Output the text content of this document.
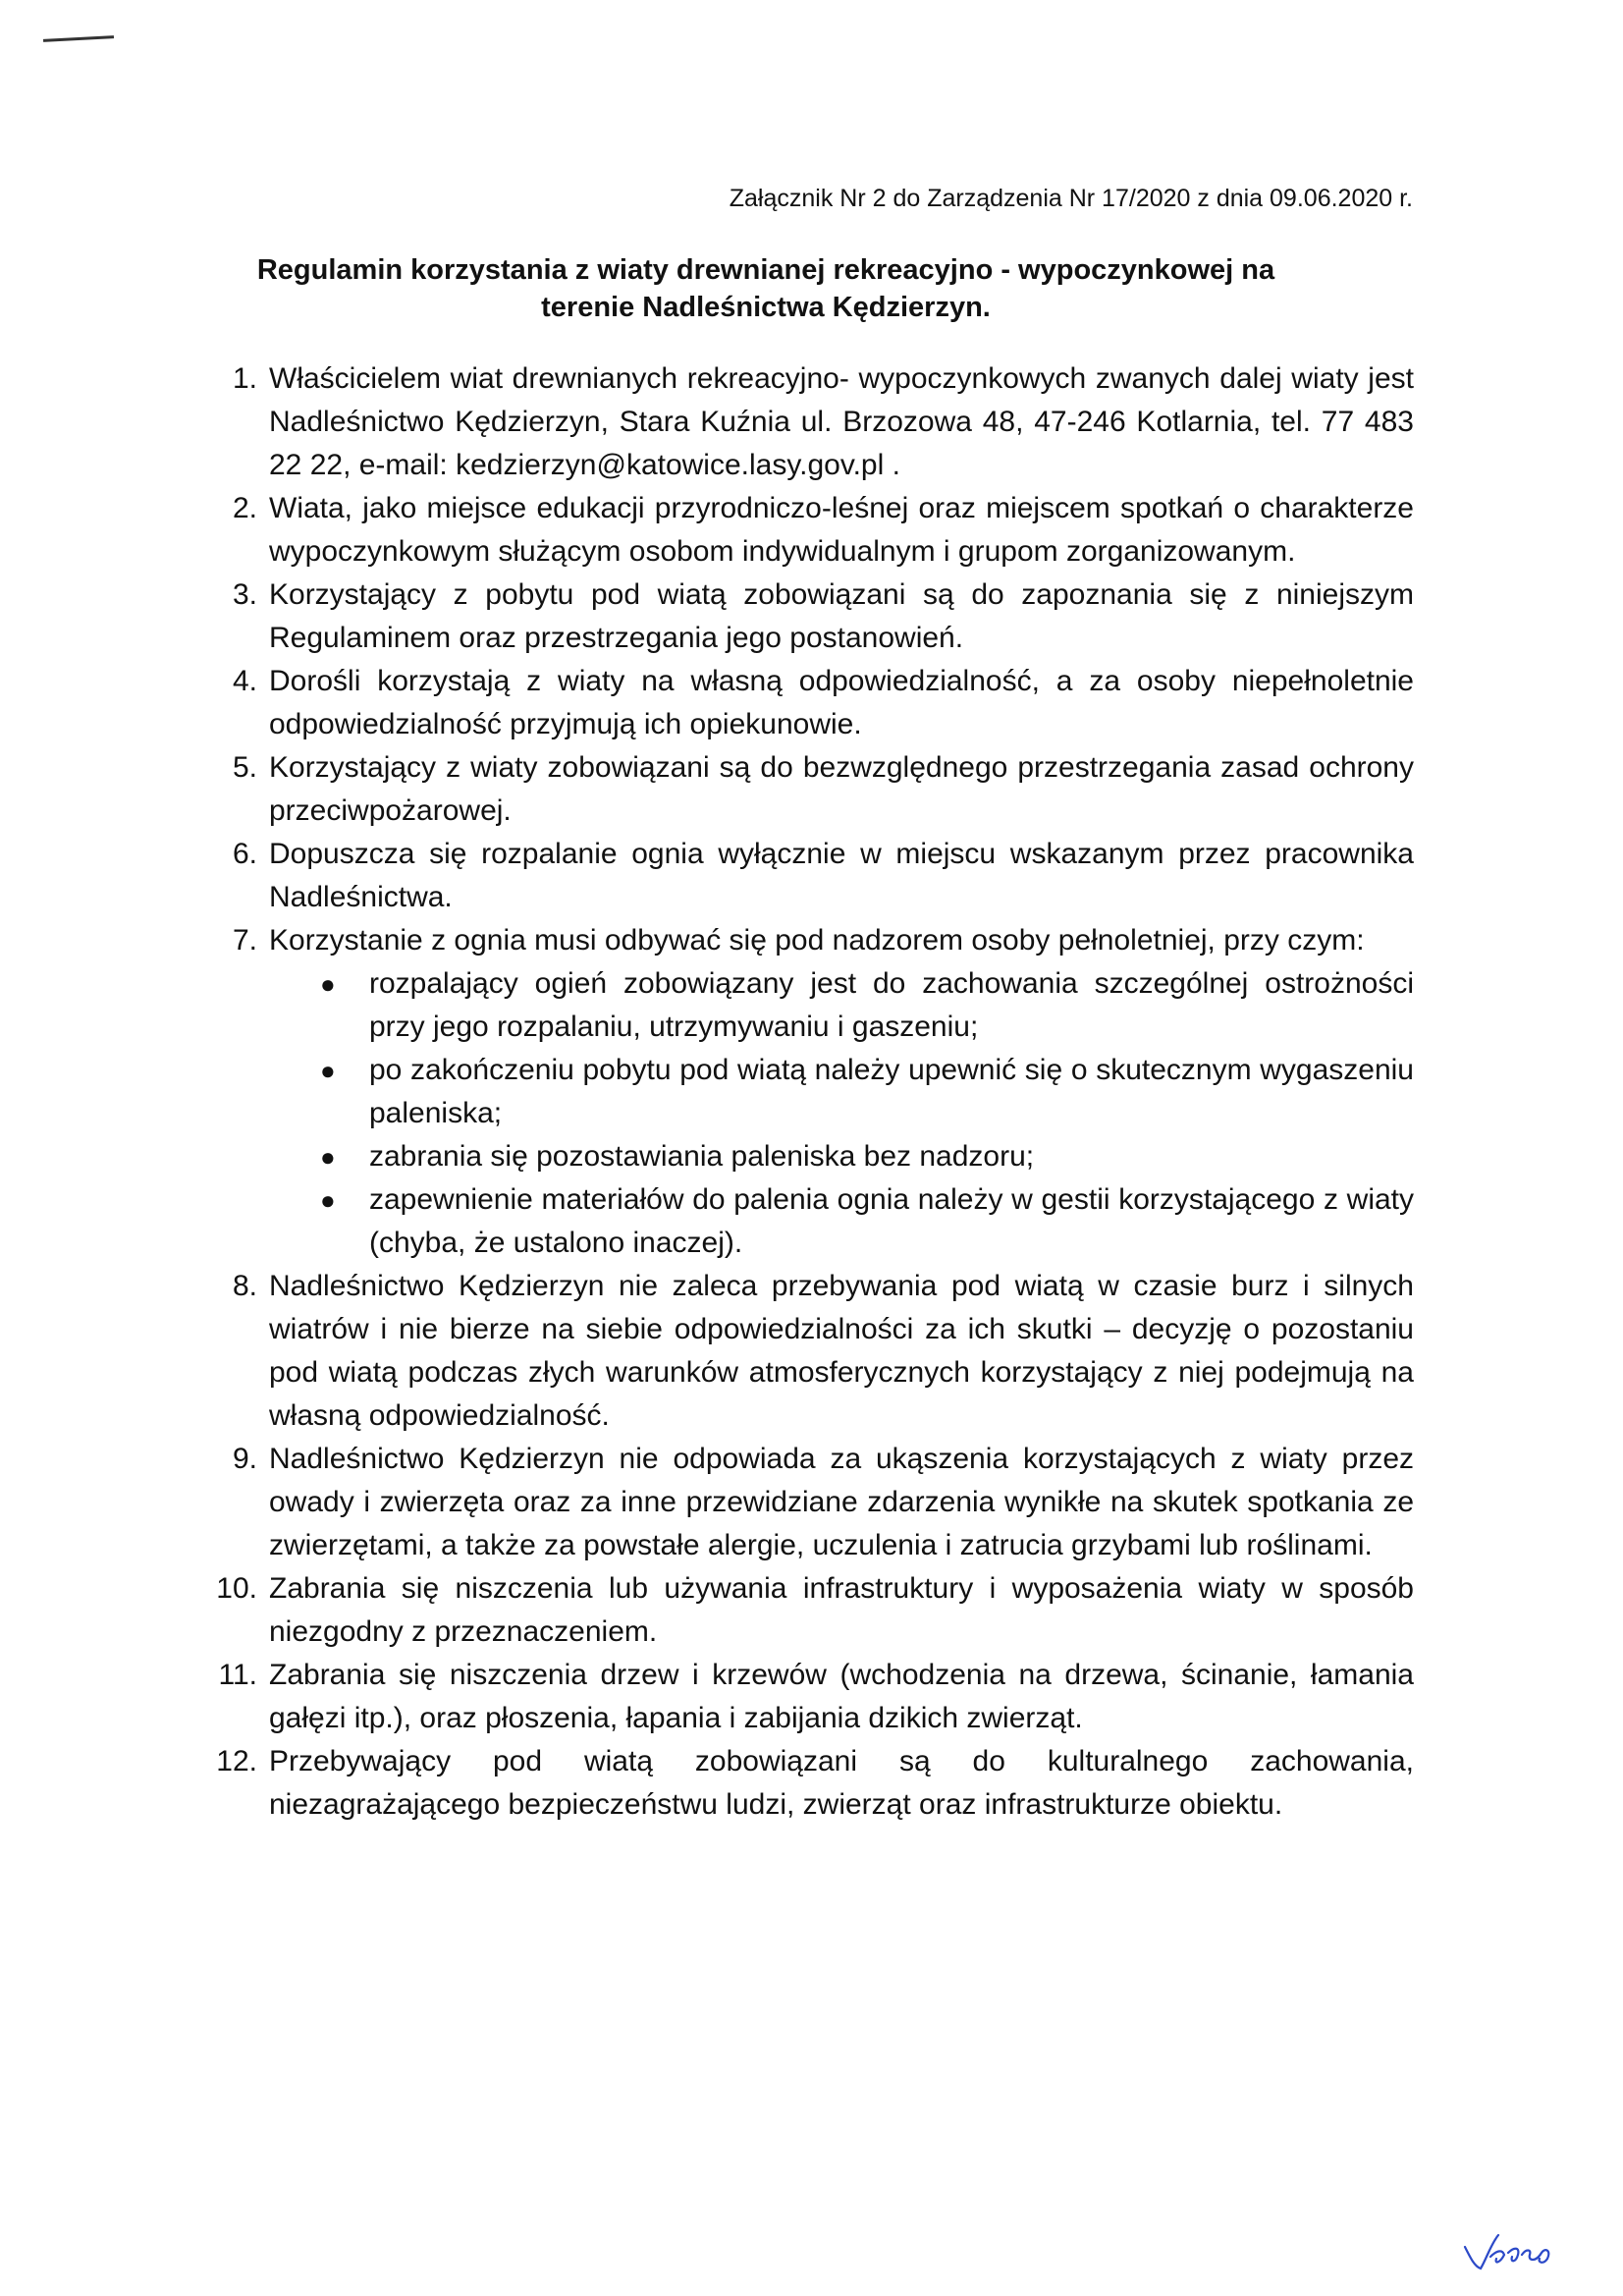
Załącznik Nr 2 do Zarządzenia Nr 17/2020 z dnia 09.06.2020 r.
Regulamin korzystania z wiaty drewnianej rekreacyjno - wypoczynkowej na
terenie Nadleśnictwa Kędzierzyn.
1. Właścicielem wiat drewnianych rekreacyjno- wypoczynkowych zwanych dalej wiaty jest Nadleśnictwo Kędzierzyn, Stara Kuźnia ul. Brzozowa 48, 47-246 Kotlarnia, tel. 77 483 22 22, e-mail: kedzierzyn@katowice.lasy.gov.pl .
2. Wiata, jako miejsce edukacji przyrodniczo-leśnej oraz miejscem spotkań o charakterze wypoczynkowym służącym osobom indywidualnym i grupom zorganizowanym.
3. Korzystający z pobytu pod wiatą zobowiązani są do zapoznania się z niniejszym Regulaminem oraz przestrzegania jego postanowień.
4. Dorośli korzystają z wiaty na własną odpowiedzialność, a za osoby niepełnoletnie odpowiedzialność przyjmują ich opiekunowie.
5. Korzystający z wiaty zobowiązani są do bezwzględnego przestrzegania zasad ochrony przeciwpożarowej.
6. Dopuszcza się rozpalanie ognia wyłącznie w miejscu wskazanym przez pracownika Nadleśnictwa.
7. Korzystanie z ognia musi odbywać się pod nadzorem osoby pełnoletniej, przy czym:
●	rozpalający ogień zobowiązany jest do zachowania szczególnej ostrożności przy jego rozpalaniu, utrzymywaniu i gaszeniu;
●	po zakończeniu pobytu pod wiatą należy upewnić się o skutecznym wygaszeniu paleniska;
●	zabrania się pozostawiania paleniska bez nadzoru;
●	zapewnienie materiałów do palenia ognia należy w gestii korzystającego z wiaty (chyba, że ustalono inaczej).
8. Nadleśnictwo Kędzierzyn nie zaleca przebywania pod wiatą w czasie burz i silnych wiatrów i nie bierze na siebie odpowiedzialności za ich skutki – decyzję o pozostaniu pod wiatą podczas złych warunków atmosferycznych korzystający z niej podejmują na własną odpowiedzialność.
9. Nadleśnictwo Kędzierzyn nie odpowiada za ukąszenia korzystających z wiaty przez owady i zwierzęta oraz za inne przewidziane zdarzenia wynikłe na skutek spotkania ze zwierzętami, a także za powstałe alergie, uczulenia i zatrucia grzybami lub roślinami.
10. Zabrania się niszczenia lub używania infrastruktury i wyposażenia wiaty w sposób niezgodny z przeznaczeniem.
11. Zabrania się niszczenia drzew i krzewów (wchodzenia na drzewa, ścinanie, łamania gałęzi itp.), oraz płoszenia, łapania i zabijania dzikich zwierząt.
12. Przebywający pod wiatą zobowiązani są do kulturalnego zachowania, niezagrażającego bezpieczeństwu ludzi, zwierząt oraz infrastrukturze obiektu.
